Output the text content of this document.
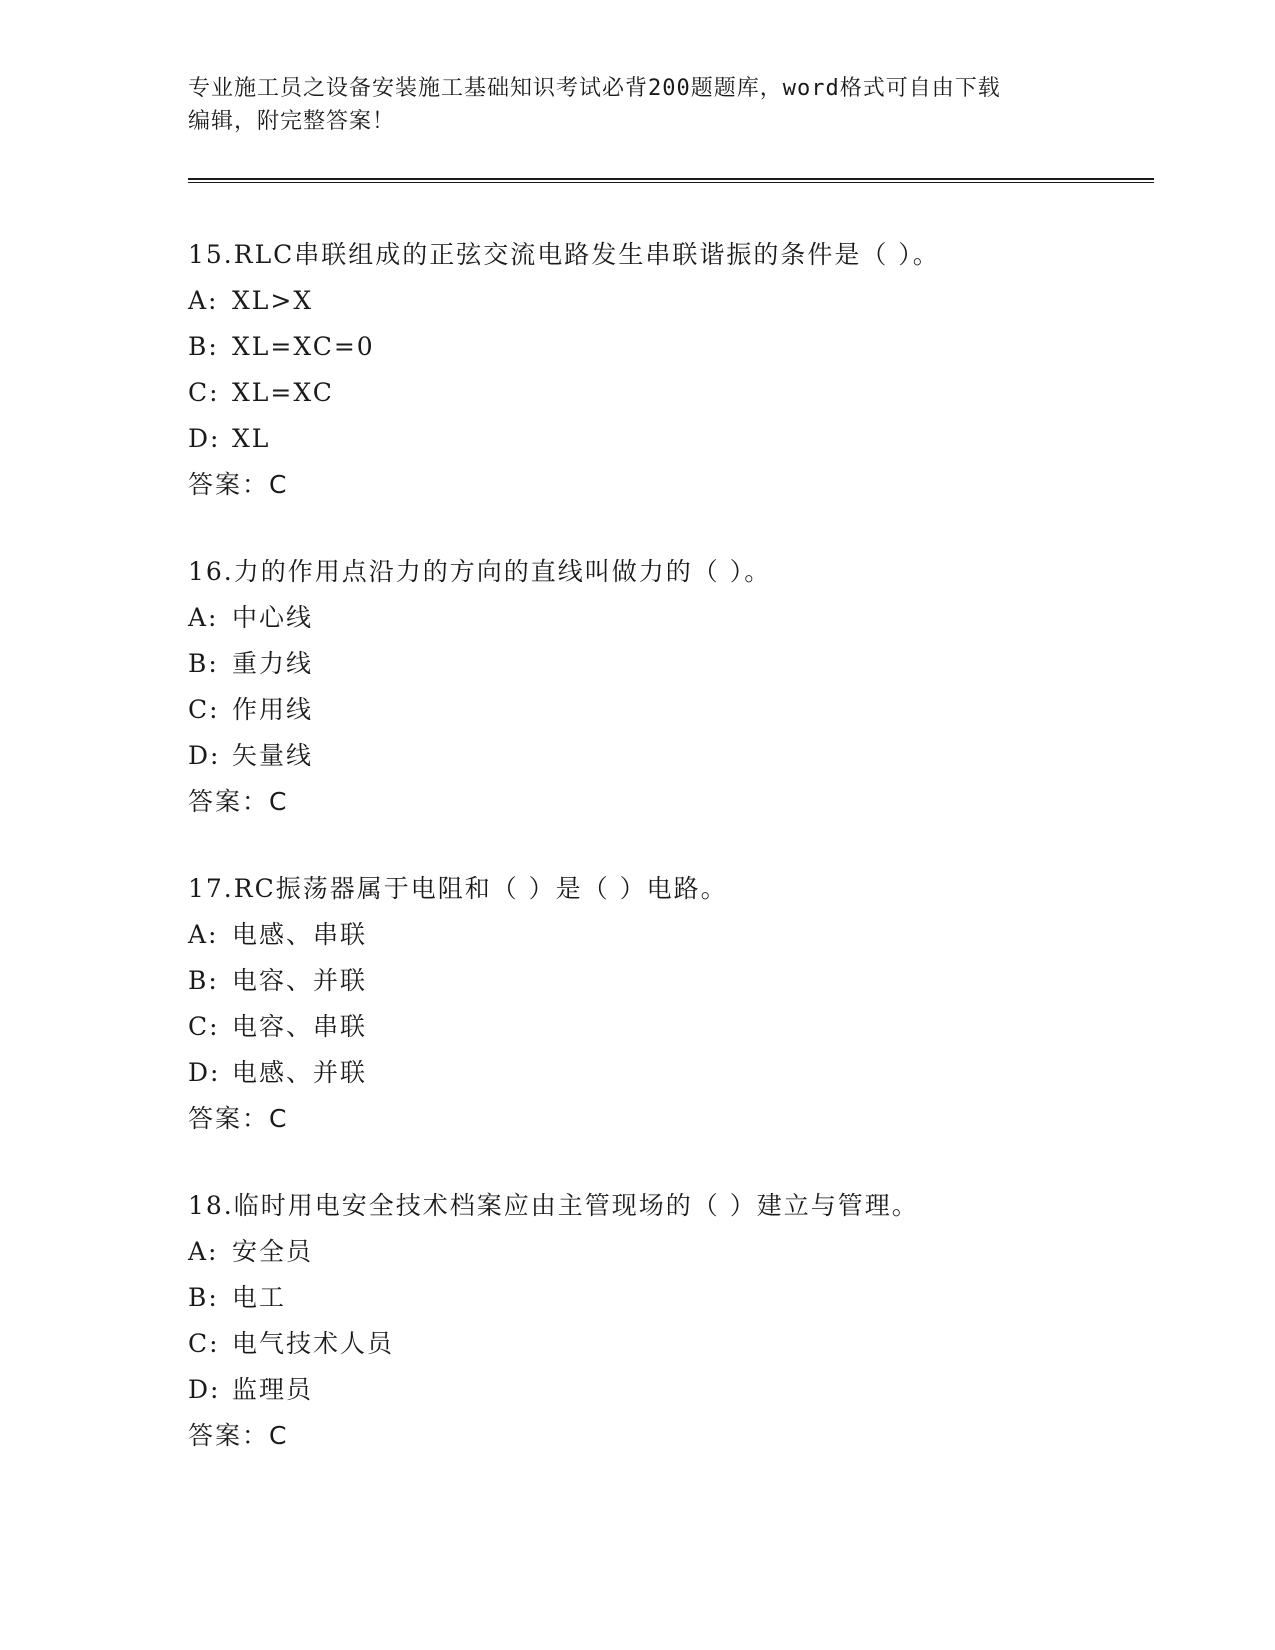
专业施工员之设备安装施工基础知识考试必背200题题库，word格式可自由下载
编辑，附完整答案！
15.RLC串联组成的正弦交流电路发生串联谐振的条件是（ ）。
A: XL>X
B: XL=XC=0
C: XL=XC
D: XL
答案：C
16.力的作用点沿力的方向的直线叫做力的（ ）。
A: 中心线
B: 重力线
C: 作用线
D: 矢量线
答案：C
17.RC振荡器属于电阻和（ ）是（ ）电路。
A: 电感、串联
B: 电容、并联
C: 电容、串联
D: 电感、并联
答案：C
18.临时用电安全技术档案应由主管现场的（ ）建立与管理。
A: 安全员
B: 电工
C: 电气技术人员
D: 监理员
答案：C
